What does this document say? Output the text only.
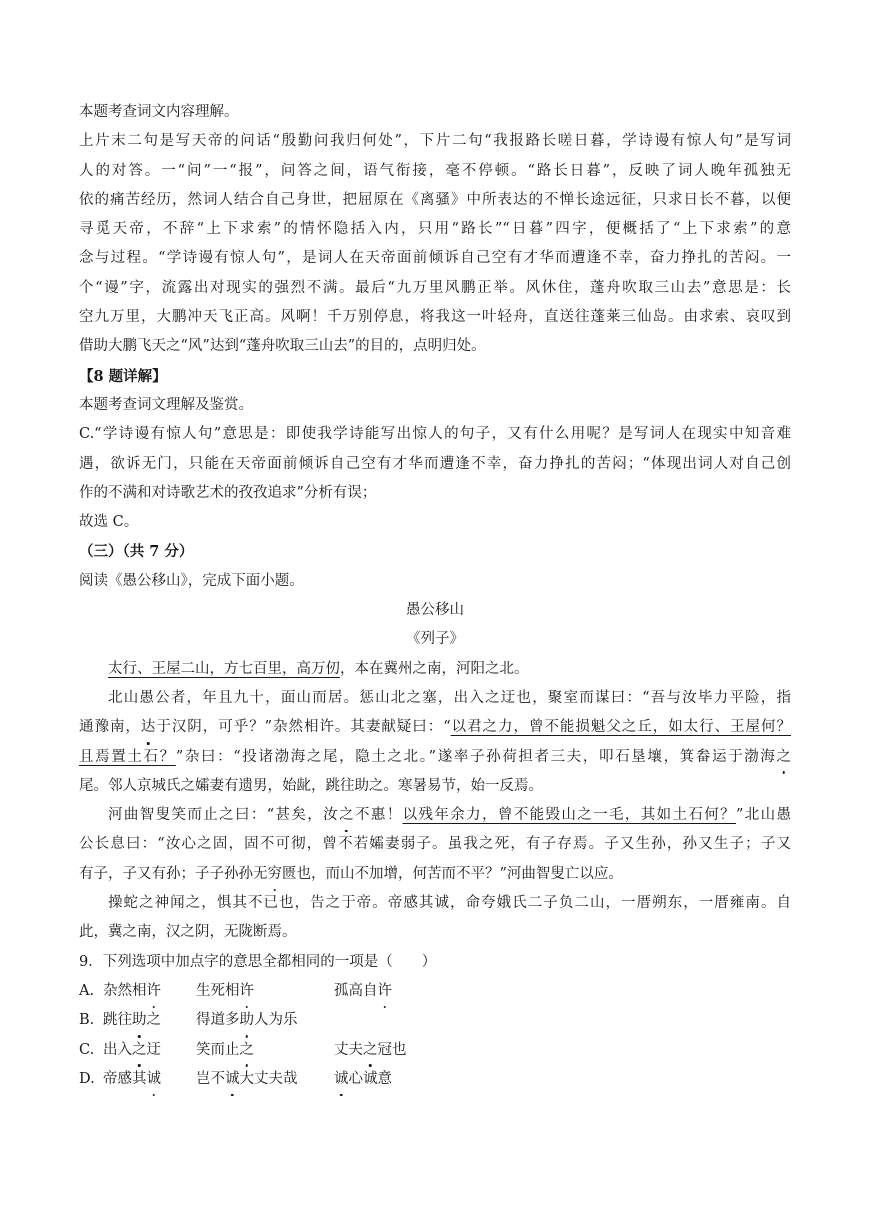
本题考查词文内容理解。
上片末二句是写天帝的问话“殷勤问我归何处”，下片二句“我报路长嗟日暮，学诗谩有惊人句”是写词
人的对答。一“问”一“报”，问答之间，语气衔接，毫不停顿。“路长日暮”，反映了词人晚年孤独无
依的痛苦经历，然词人结合自己身世，把屈原在《离骚》中所表达的不惮长途远征，只求日长不暮，以便
寻觅天帝，不辞“上下求索”的情怀隐括入内，只用“路长”“日暮”四字，便概括了“上下求索”的意
念与过程。“学诗谩有惊人句”，是词人在天帝面前倾诉自己空有才华而遭逢不幸，奋力挣扎的苦闷。一
个“谩”字，流露出对现实的强烈不满。最后“九万里风鹏正举。风休住，蓬舟吹取三山去”意思是：长
空九万里，大鹏冲天飞正高。风啊！千万别停息，将我这一叶轻舟，直送往蓬莱三仙岛。由求索、哀叹到
借助大鹏飞天之“风”达到“蓬舟吹取三山去”的目的，点明归处。
【8 题详解】
本题考查词文理解及鉴赏。
C.“学诗谩有惊人句”意思是：即使我学诗能写出惊人的句子，又有什么用呢？是写词人在现实中知音难
遇，欲诉无门，只能在天帝面前倾诉自己空有才华而遭逢不幸，奋力挣扎的苦闷；“体现出词人对自己创
作的不满和对诗歌艺术的孜孜追求”分析有误；
故选 C。
（三）（共 7 分）
阅读《愚公移山》，完成下面小题。
愚公移山
《列子》
太行、王屋二山，方七百里，高万仞，本在冀州之南，河阳之北。
北山愚公者，年且九十，面山而居。惩山北之塞，出入之迂也，聚室而谋曰：“吾与汝毕力平险，指
通豫南，达于汉阴，可乎？”杂然相许。其妻献疑曰：“以君之力，曾不能损魁父之丘，如太行、王屋何？
且焉置土石？”杂曰：“投诸渤海之尾，隐土之北。”遂率子孙荷担者三夫，叩石垦壤，箕畚运于渤海之
尾。邻人京城氏之孀妻有遗男，始龀，跳往助之。寒暑易节，始一反焉。
河曲智叟笑而止之曰：“甚矣，汝之不惠！以残年余力，曾不能毁山之一毛，其如土石何？”北山愚
公长息曰：“汝心之固，固不可彻，曾不若孀妻弱子。虽我之死，有子存焉。子又生孙，孙又生子；子又
有子，子又有孙；子子孙孙无穷匮也，而山不加增，何苦而不平？”河曲智叟亡以应。
操蛇之神闻之，惧其不已也，告之于帝。帝感其诚，命夸娥氏二子负二山，一厝朔东，一厝雍南。自
此，冀之南，汉之阴，无陇断焉。
9．下列选项中加点字的意思全都相同的一项是（　　）
A. 杂然相许	生死相许	孤高自许
B. 跳往助之	得道多助人为乐
C. 出入之迂	笑而止之	丈夫之冠也
D. 帝感其诚	岂不诚大丈夫哉	诚心诚意
